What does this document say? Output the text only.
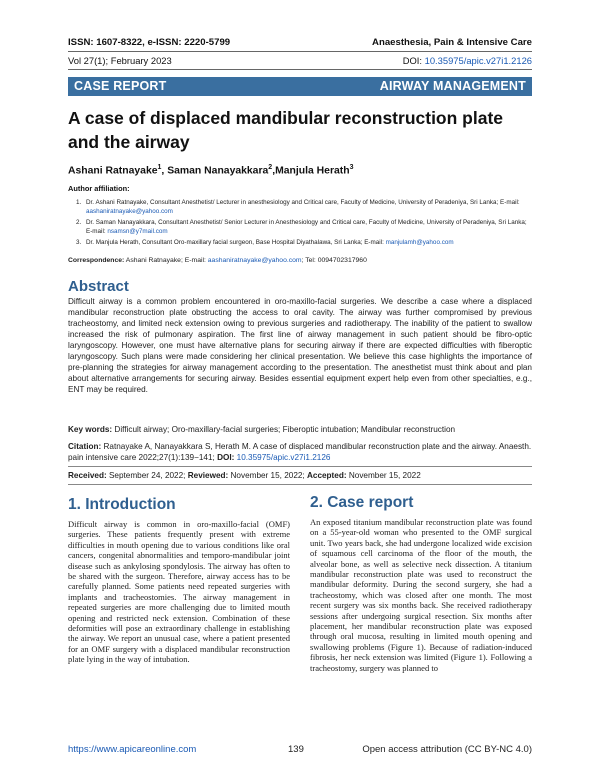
ISSN: 1607-8322, e-ISSN: 2220-5799	Anaesthesia, Pain & Intensive Care
Vol 27(1); February 2023	DOI: 10.35975/apic.v27i1.2126
CASE REPORT	AIRWAY MANAGEMENT
A case of displaced mandibular reconstruction plate and the airway
Ashani Ratnayake$^1$, Saman Nanayakkara$^2$,Manjula Herath$^3$
Author affiliation:
1. Dr. Ashani Ratnayake, Consultant Anesthetist/ Lecturer in anesthesiology and Critical care, Faculty of Medicine, University of Peradeniya, Sri Lanka; E-mail: aashaniratnayake@yahoo.com
2. Dr. Saman Nanayakkara, Consultant Anesthetist/ Senior Lecturer in Anesthesiology and Critical care, Faculty of Medicine, University of Peradeniya, Sri Lanka; E-mail: nsamsn@y7mail.com
3. Dr. Manjula Herath, Consultant Oro-maxillary facial surgeon, Base Hospital Diyathalawa, Sri Lanka; E-mail: manjulamh@yahoo.com
Correspondence: Ashani Ratnayake; E-mail: aashaniratnayake@yahoo.com; Tel: 0094702317960
Abstract
Difficult airway is a common problem encountered in oro-maxillo-facial surgeries. We describe a case where a displaced mandibular reconstruction plate obstructing the access to oral cavity. The airway was further compromised by previous tracheostomy, and limited neck extension owing to previous surgeries and radiotherapy. The inability of the patient to swallow increased the risk of pulmonary aspiration. The first line of airway management in such patient should be fibro-optic laryngoscopy. However, one must have alternative plans for securing airway if there are expected difficulties with fiberoptic laryngoscopy. Such plans were made considering her clinical presentation. We believe this case highlights the importance of pre-planning the strategies for airway management according to the presentation. The anesthetist must think about and plan about alternative arrangements for securing airway. Besides essential equipment expert help even from other specialties, e.g., ENT may be required.
Key words: Difficult airway; Oro-maxillary-facial surgeries; Fiberoptic intubation; Mandibular reconstruction
Citation: Ratnayake A, Nanayakkara S, Herath M. A case of displaced mandibular reconstruction plate and the airway. Anaesth. pain intensive care 2022;27(1):139−141; DOI: 10.35975/apic.v27i1.2126
Received: September 24, 2022; Reviewed: November 15, 2022; Accepted: November 15, 2022
1. Introduction
Difficult airway is common in oro-maxillo-facial (OMF) surgeries. These patients frequently present with extreme difficulties in mouth opening due to various conditions like oral cancers, congenital abnormalities and temporo-mandibular joint disease such as ankylosing spondylosis. The airway has often to be shared with the surgeon. Therefore, airway access has to be carefully planned. Some patients need repeated surgeries with implants and tracheostomies. The airway management in repeated surgeries are more challenging due to limited mouth opening and restricted neck extension. Combination of these deformities will pose an extraordinary challenge in establishing the airway. We report an unusual case, where a patient presented for an OMF surgery with a displaced mandibular reconstruction plate lying in the way of intubation.
2. Case report
An exposed titanium mandibular reconstruction plate was found on a 55-year-old woman who presented to the OMF surgical unit. Two years back, she had undergone localized wide excision of squamous cell carcinoma of the floor of the mouth, the alveolar bone, as well as selective neck dissection. A titanium mandibular reconstruction plate was used to reconstruct the mandibular deformity. During the second surgery, she had a tracheostomy, which was closed after one month. The most recent surgery was six months back. She received radiotherapy sessions after undergoing surgical resection. Six months after placement, her mandibular reconstruction plate was exposed through oral mucosa, resulting in limited mouth opening and swallowing problems (Figure 1). Because of radiation-induced fibrosis, her neck extension was limited (Figure 1). Following a tracheostomy, surgery was planned to
https://www.apicareonline.com	139	Open access attribution (CC BY-NC 4.0)
